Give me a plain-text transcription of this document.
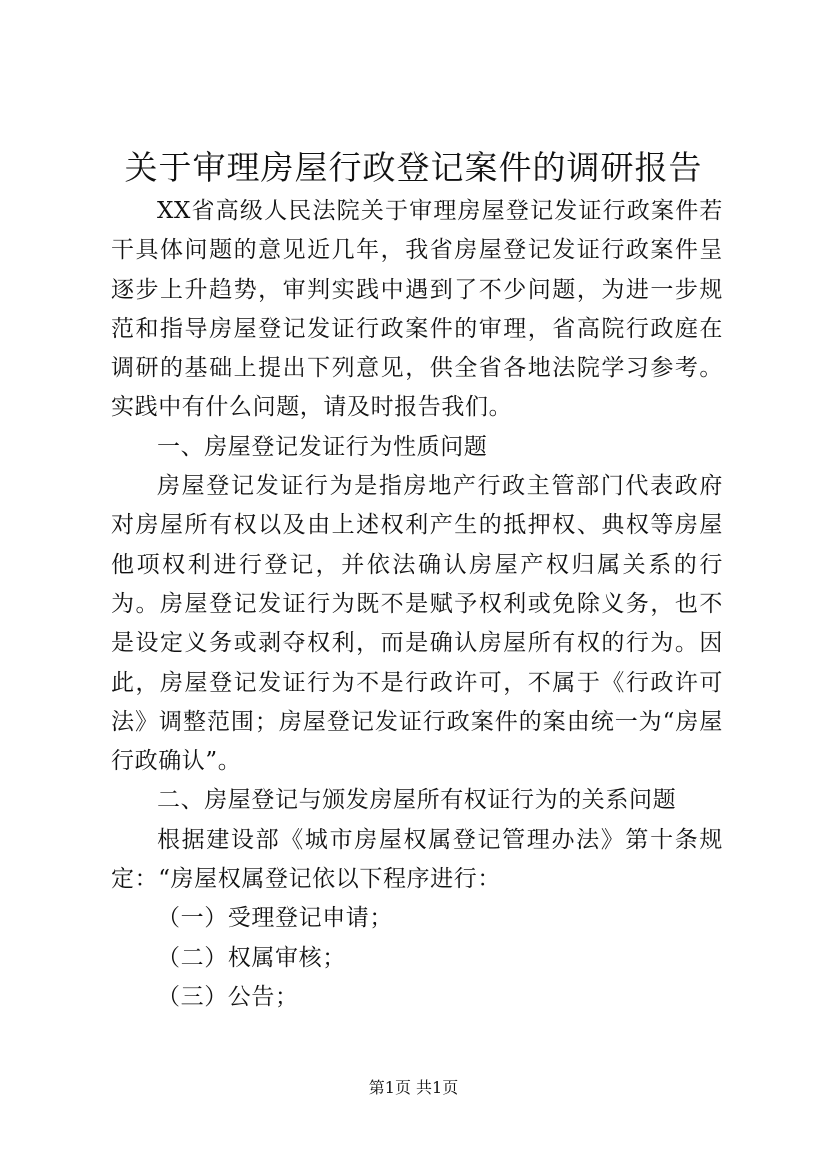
关于审理房屋行政登记案件的调研报告

XX省高级人民法院关于审理房屋登记发证行政案件若干具体问题的意见近几年，我省房屋登记发证行政案件呈逐步上升趋势，审判实践中遇到了不少问题，为进一步规范和指导房屋登记发证行政案件的审理，省高院行政庭在调研的基础上提出下列意见，供全省各地法院学习参考。实践中有什么问题，请及时报告我们。

一、房屋登记发证行为性质问题

房屋登记发证行为是指房地产行政主管部门代表政府对房屋所有权以及由上述权利产生的抵押权、典权等房屋他项权利进行登记，并依法确认房屋产权归属关系的行为。房屋登记发证行为既不是赋予权利或免除义务，也不是设定义务或剥夺权利，而是确认房屋所有权的行为。因此，房屋登记发证行为不是行政许可，不属于《行政许可法》调整范围；房屋登记发证行政案件的案由统一为“房屋行政确认”。

二、房屋登记与颁发房屋所有权证行为的关系问题

根据建设部《城市房屋权属登记管理办法》第十条规定：“房屋权属登记依以下程序进行：

（一）受理登记申请；

（二）权属审核；

（三）公告；

第1页 共1页
